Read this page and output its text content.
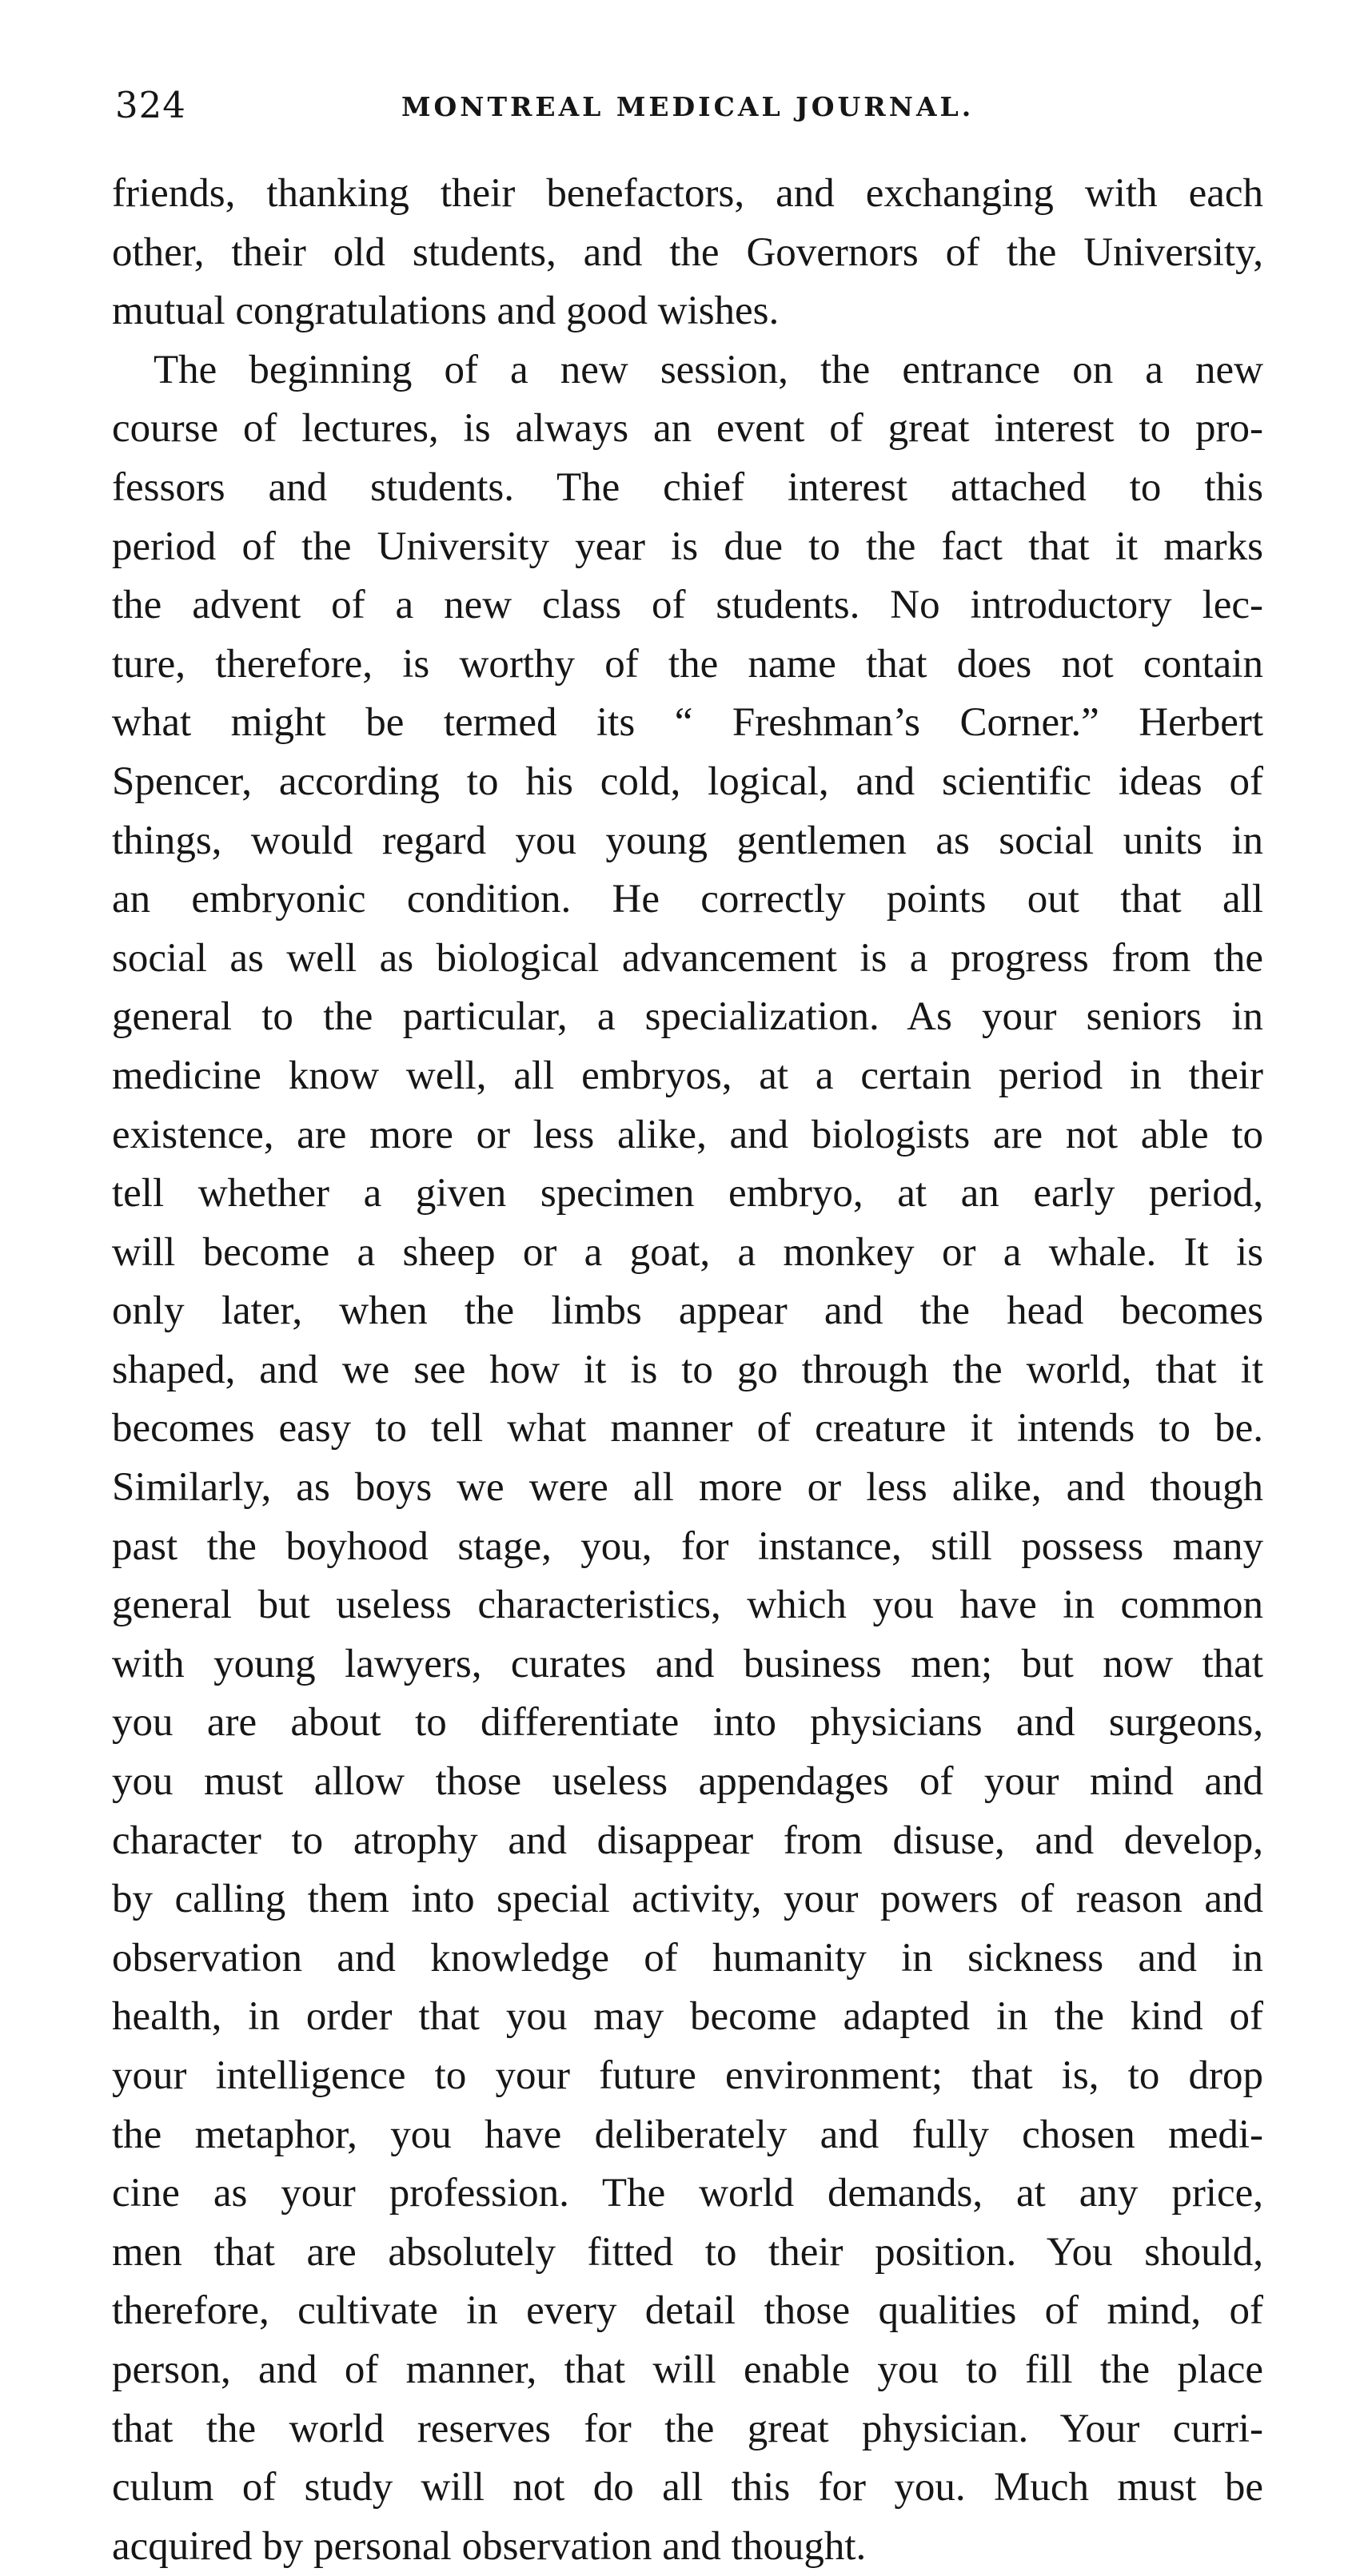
324	MONTREAL MEDICAL JOURNAL.
friends, thanking their benefactors, and exchanging with each
other, their old students, and the Governors of the University,
mutual congratulations and good wishes.
The beginning of a new session, the entrance on a new
course of lectures, is always an event of great interest to pro-
fessors and students. The chief interest attached to this
period of the University year is due to the fact that it marks
the advent of a new class of students. No introductory lec-
ture, therefore, is worthy of the name that does not contain
what might be termed its “ Freshman’s Corner.” Herbert
Spencer, according to his cold, logical, and scientific ideas of
things, would regard you young gentlemen as social units in
an embryonic condition. He correctly points out that all
social as well as biological advancement is a progress from the
general to the particular, a specialization. As your seniors in
medicine know well, all embryos, at a certain period in their
existence, are more or less alike, and biologists are not able to
tell whether a given specimen embryo, at an early period,
will become a sheep or a goat, a monkey or a whale. It is
only later, when the limbs appear and the head becomes
shaped, and we see how it is to go through the world, that it
becomes easy to tell what manner of creature it intends to be.
Similarly, as boys we were all more or less alike, and though
past the boyhood stage, you, for instance, still possess many
general but useless characteristics, which you have in common
with young lawyers, curates and business men; but now that
you are about to differentiate into physicians and surgeons,
you must allow those useless appendages of your mind and
character to atrophy and disappear from disuse, and develop,
by calling them into special activity, your powers of reason and
observation and knowledge of humanity in sickness and in
health, in order that you may become adapted in the kind of
your intelligence to your future environment; that is, to drop
the metaphor, you have deliberately and fully chosen medi-
cine as your profession. The world demands, at any price,
men that are absolutely fitted to their position. You should,
therefore, cultivate in every detail those qualities of mind, of
person, and of manner, that will enable you to fill the place
that the world reserves for the great physician. Your curri-
culum of study will not do all this for you. Much must be
acquired by personal observation and thought.
